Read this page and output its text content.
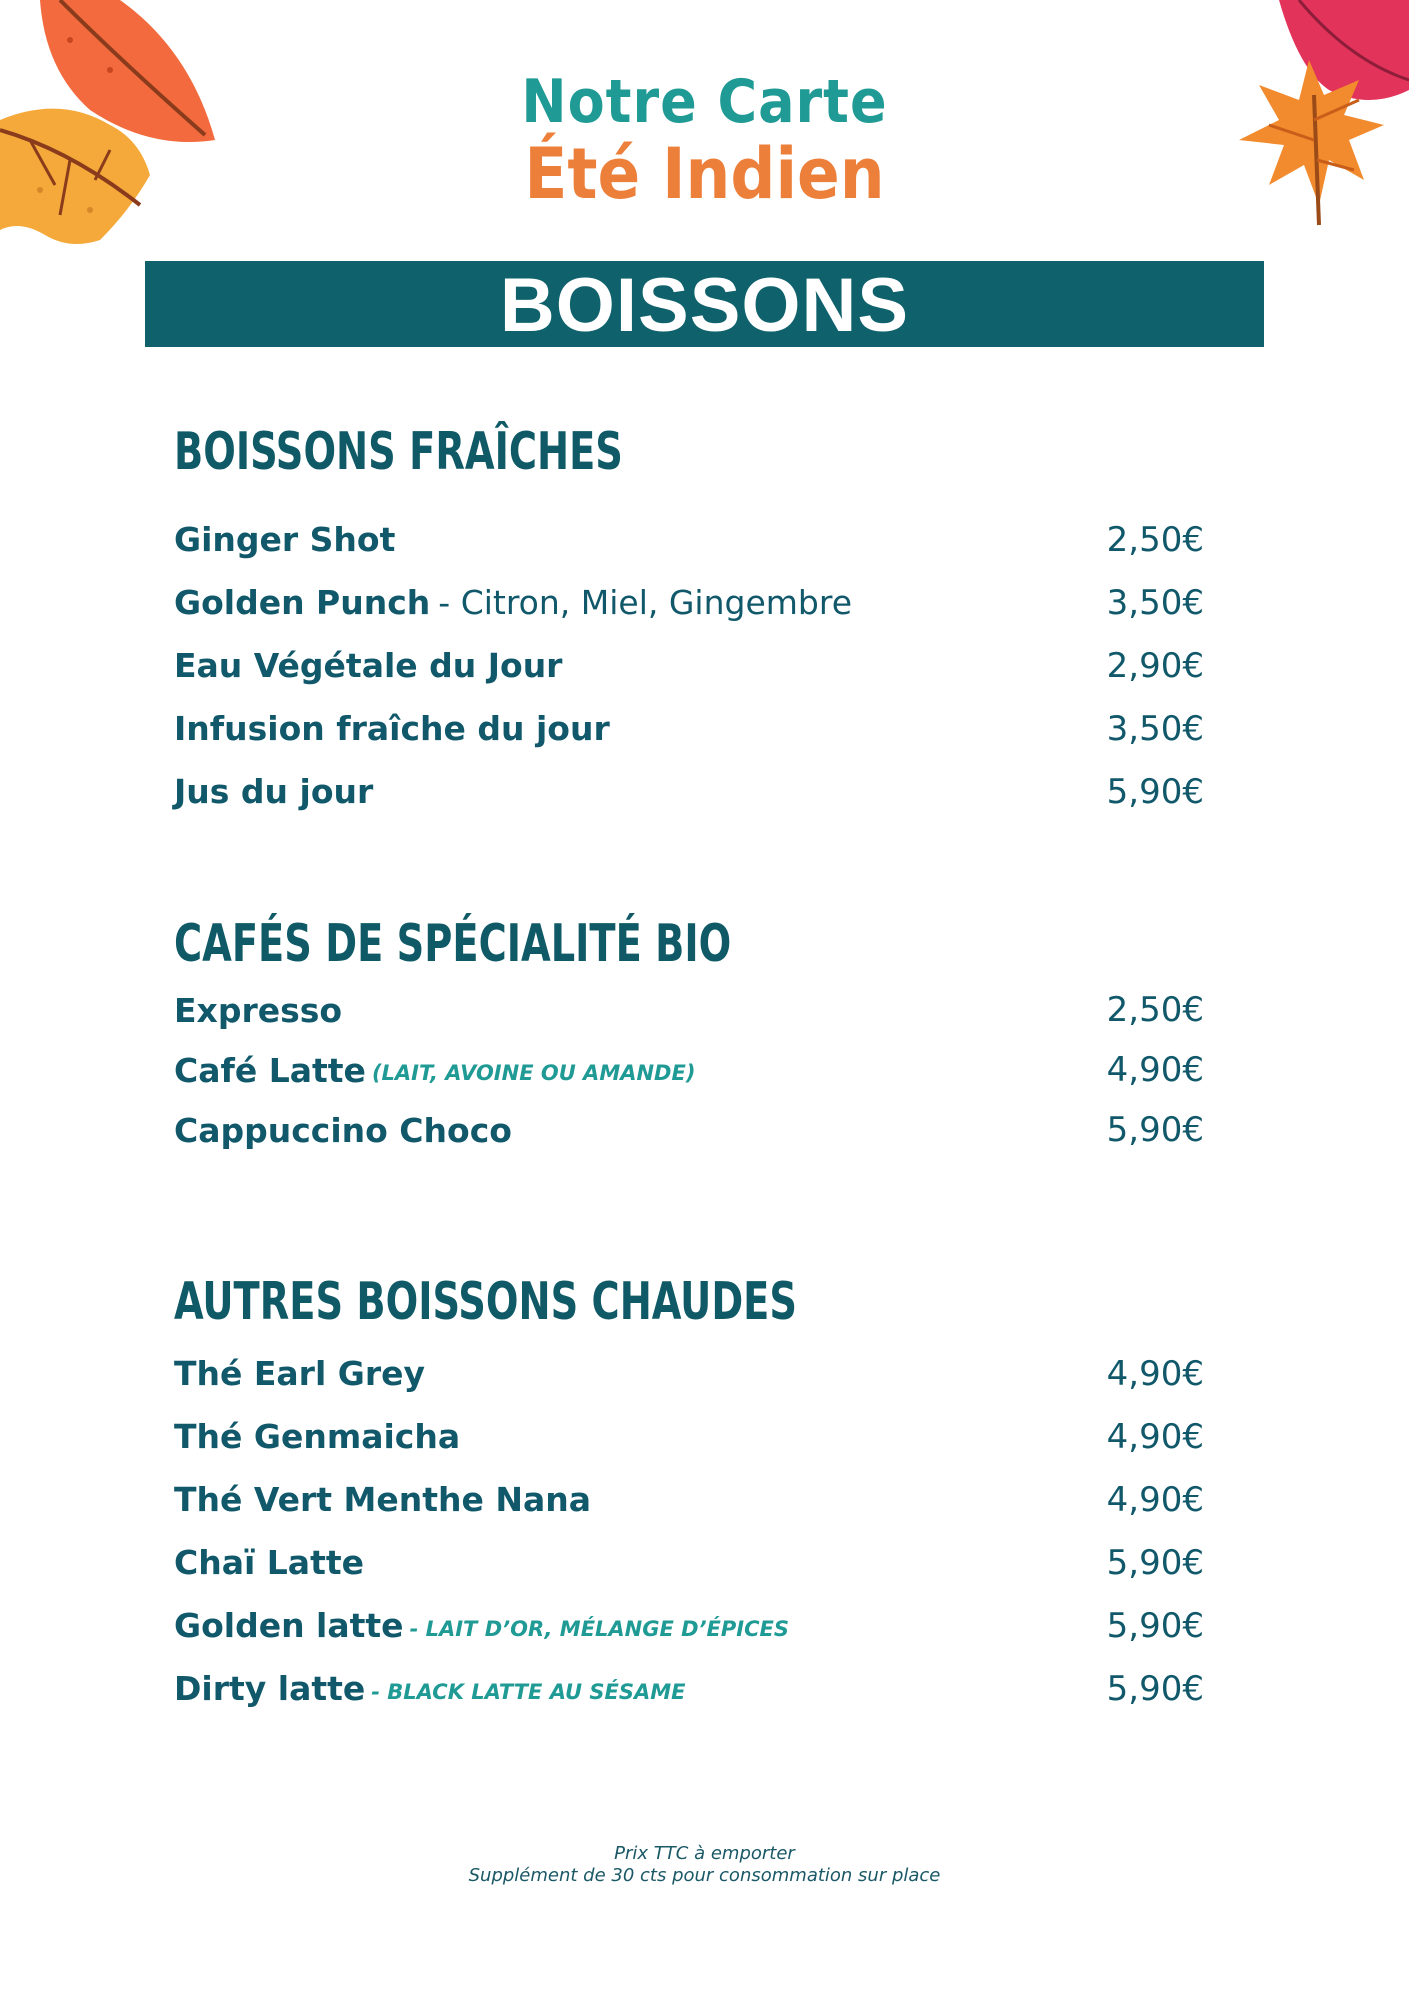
Notre Carte
Été Indien
BOISSONS
BOISSONS FRAÎCHES
Ginger Shot	2,50€
Golden Punch - Citron, Miel, Gingembre	3,50€
Eau Végétale du Jour	2,90€
Infusion fraîche du jour	3,50€
Jus du jour	5,90€
CAFÉS DE SPÉCIALITÉ BIO
Expresso	2,50€
Café Latte (LAIT, AVOINE OU AMANDE)	4,90€
Cappuccino Choco	5,90€
AUTRES BOISSONS CHAUDES
Thé Earl Grey	4,90€
Thé Genmaicha	4,90€
Thé Vert Menthe Nana	4,90€
Chaï Latte	5,90€
Golden latte - LAIT D’OR, MÉLANGE D’ÉPICES	5,90€
Dirty latte - BLACK LATTE AU SÉSAME	5,90€
Prix TTC à emporter
Supplément de 30 cts pour consommation sur place
